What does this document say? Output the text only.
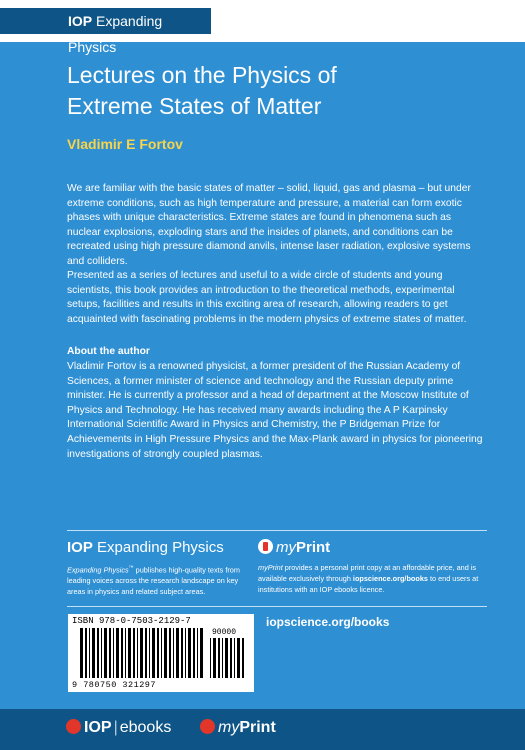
IOP Expanding Physics
Lectures on the Physics of
Extreme States of Matter
Vladimir E Fortov

We are familiar with the basic states of matter – solid, liquid, gas and plasma – but under extreme conditions, such as high temperature and pressure, a material can form exotic phases with unique characteristics. Extreme states are found in phenomena such as nuclear explosions, exploding stars and the insides of planets, and conditions can be recreated using high pressure diamond anvils, intense laser radiation, explosive systems and colliders.

Presented as a series of lectures and useful to a wide circle of students and young scientists, this book provides an introduction to the theoretical methods, experimental setups, facilities and results in this exciting area of research, allowing readers to get acquainted with fascinating problems in the modern physics of extreme states of matter.

About the author

Vladimir Fortov is a renowned physicist, a former president of the Russian Academy of Sciences, a former minister of science and technology and the Russian deputy prime minister. He is currently a professor and a head of department at the Moscow Institute of Physics and Technology. He has received many awards including the A P Karpinsky International Scientific Award in Physics and Chemistry, the P Bridgeman Prize for Achievements in High Pressure Physics and the Max-Plank award in physics for pioneering investigations of strongly coupled plasmas.

IOP Expanding Physics
Expanding Physics™ publishes high-quality texts from leading voices across the research landscape on key areas in physics and related subject areas.
myPrint
myPrint provides a personal print copy at an affordable price, and is available exclusively through iopscience.org/books to end users at institutions with an IOP ebooks licence.
ISBN 978-0-7503-2129-7
90000
9 780750 321297
iopscience.org/books
IOP | ebooks	myPrint
